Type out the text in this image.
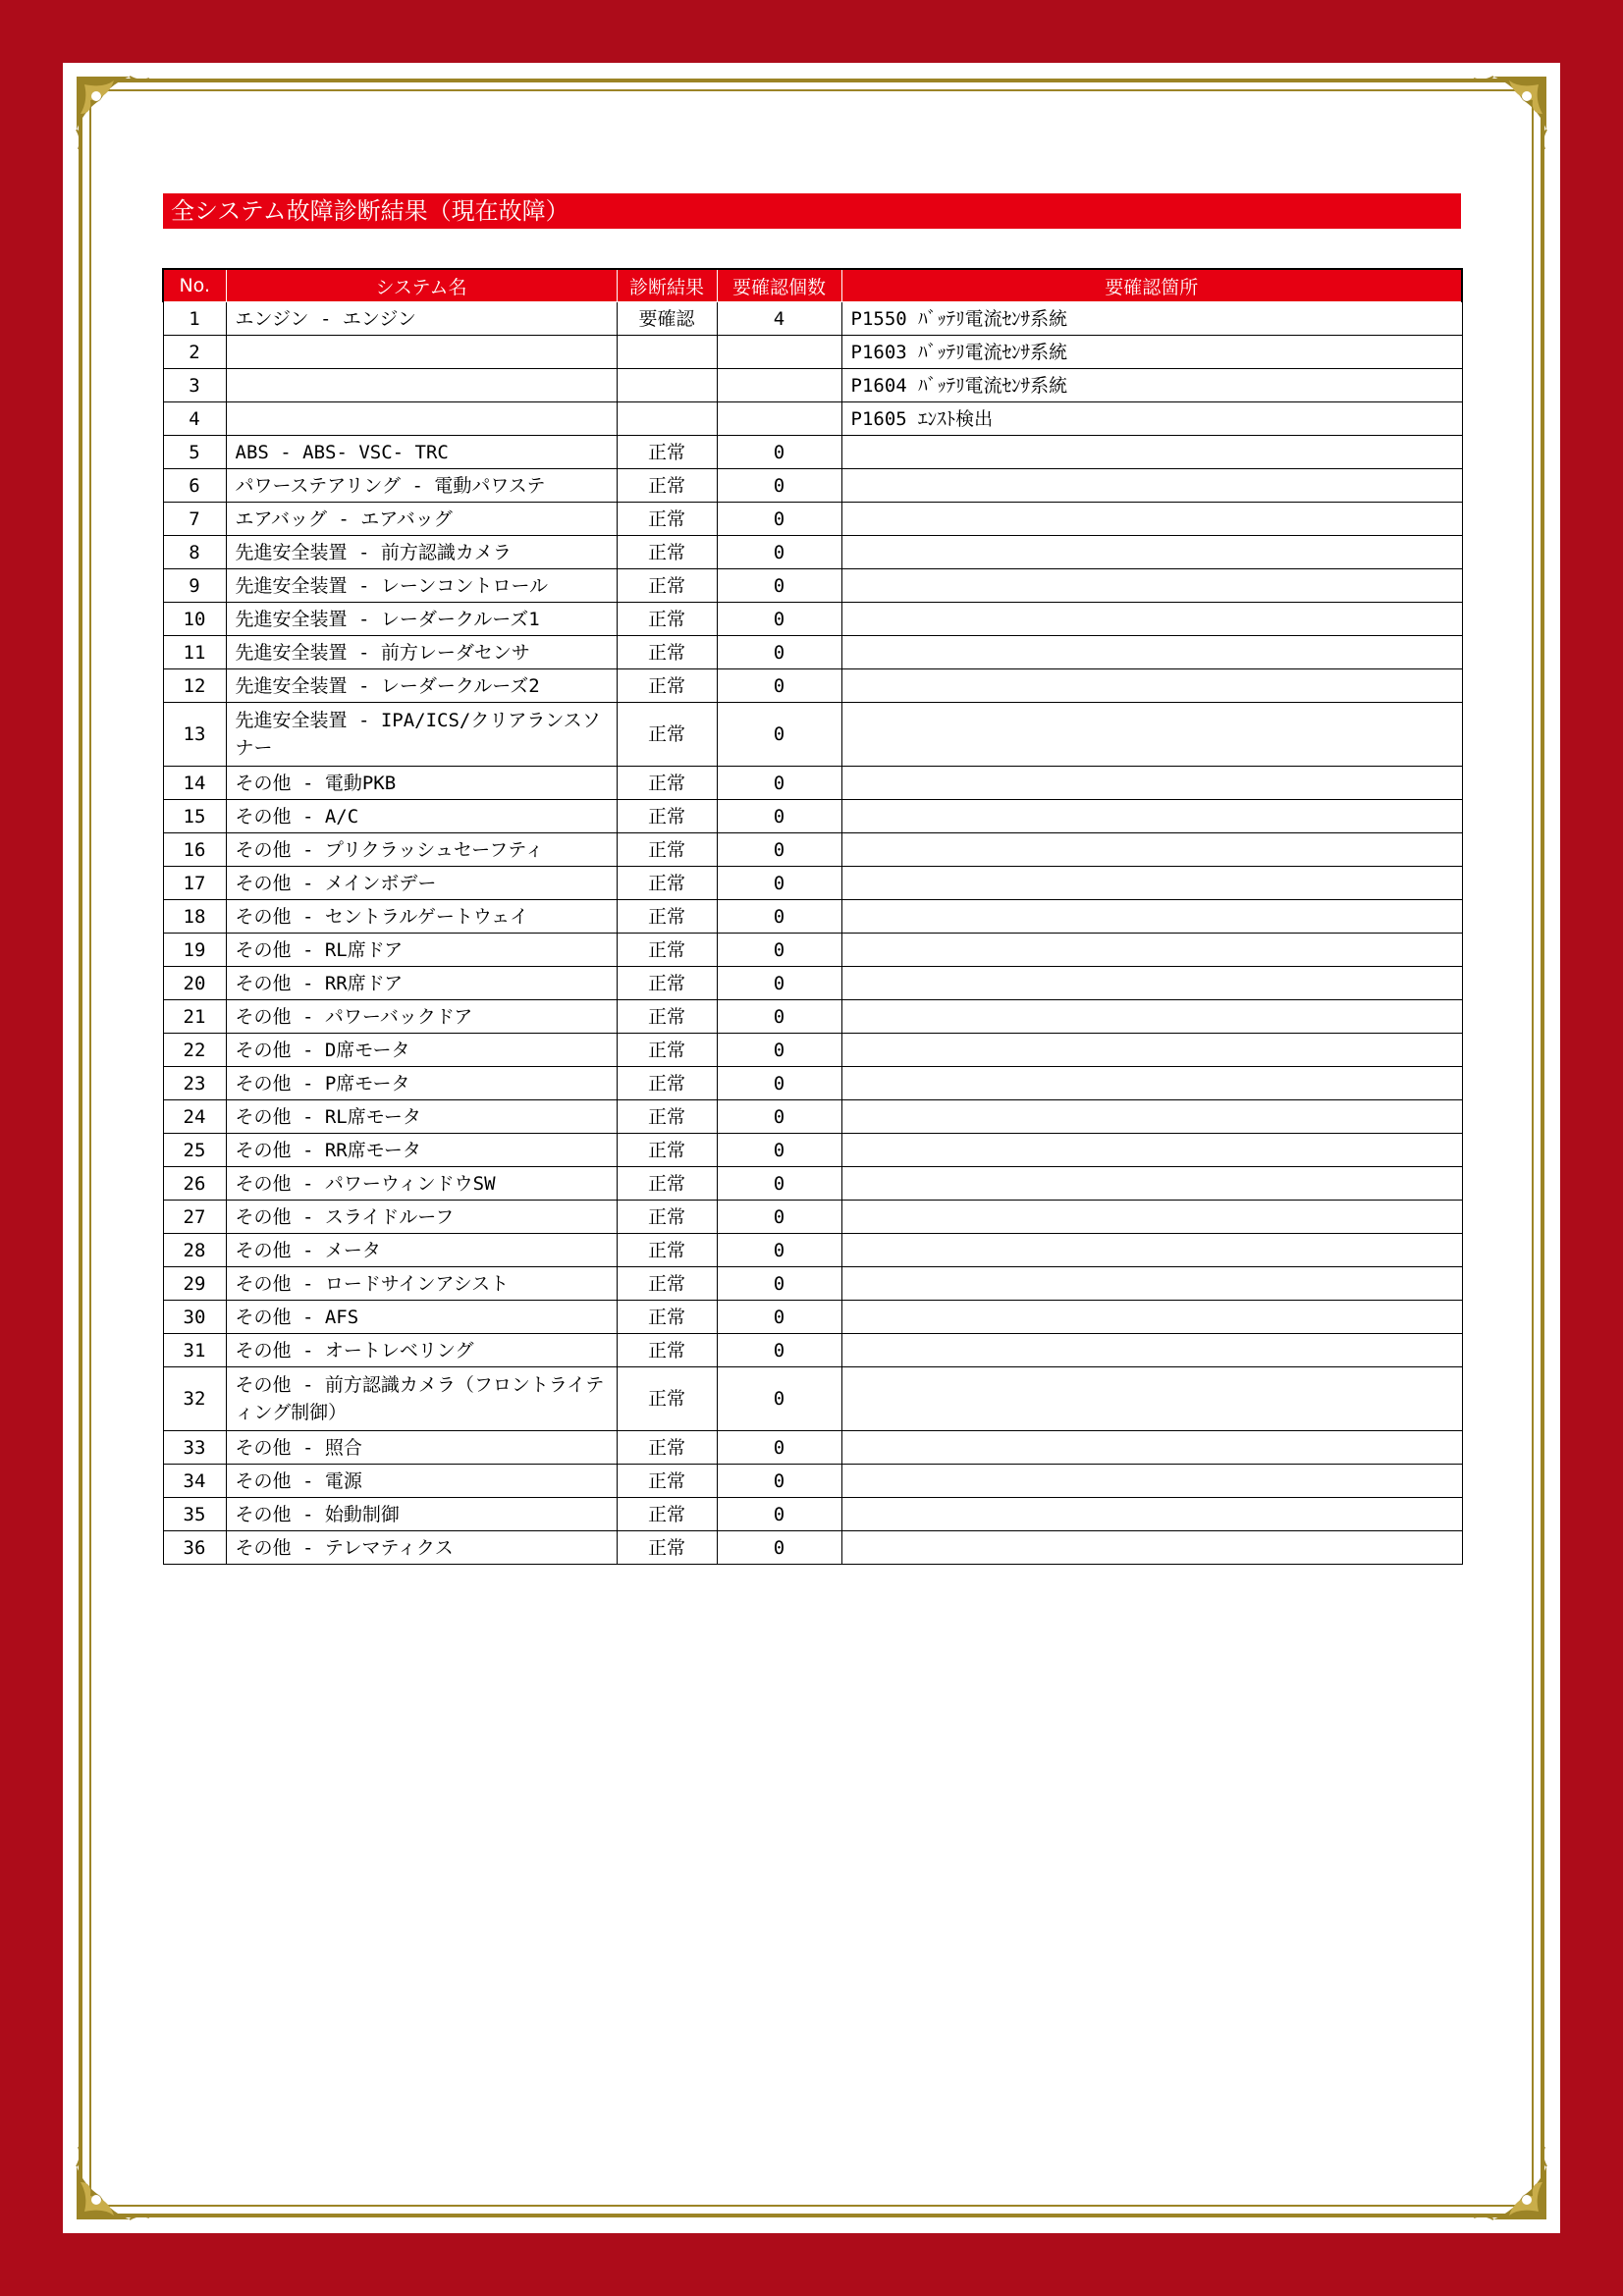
全システム故障診断結果（現在故障）
No.	システム名	診断結果	要確認個数	要確認箇所
1	エンジン - エンジン	要確認	4	P1550 ﾊﾞｯﾃﾘ電流ｾﾝｻ系統
2				P1603 ﾊﾞｯﾃﾘ電流ｾﾝｻ系統
3				P1604 ﾊﾞｯﾃﾘ電流ｾﾝｻ系統
4				P1605 ｴﾝｽﾄ検出
5	ABS - ABS- VSC- TRC	正常	0	
6	パワーステアリング - 電動パワステ	正常	0	
7	エアバッグ - エアバッグ	正常	0	
8	先進安全装置 - 前方認識カメラ	正常	0	
9	先進安全装置 - レーンコントロール	正常	0	
10	先進安全装置 - レーダークルーズ1	正常	0	
11	先進安全装置 - 前方レーダセンサ	正常	0	
12	先進安全装置 - レーダークルーズ2	正常	0	
13	先進安全装置 - IPA/ICS/クリアランスソナー	正常	0	
14	その他 - 電動PKB	正常	0	
15	その他 - A/C	正常	0	
16	その他 - プリクラッシュセーフティ	正常	0	
17	その他 - メインボデー	正常	0	
18	その他 - セントラルゲートウェイ	正常	0	
19	その他 - RL席ドア	正常	0	
20	その他 - RR席ドア	正常	0	
21	その他 - パワーバックドア	正常	0	
22	その他 - D席モータ	正常	0	
23	その他 - P席モータ	正常	0	
24	その他 - RL席モータ	正常	0	
25	その他 - RR席モータ	正常	0	
26	その他 - パワーウィンドウSW	正常	0	
27	その他 - スライドルーフ	正常	0	
28	その他 - メータ	正常	0	
29	その他 - ロードサインアシスト	正常	0	
30	その他 - AFS	正常	0	
31	その他 - オートレベリング	正常	0	
32	その他 - 前方認識カメラ（フロントライティング制御）	正常	0	
33	その他 - 照合	正常	0	
34	その他 - 電源	正常	0	
35	その他 - 始動制御	正常	0	
36	その他 - テレマティクス	正常	0	
